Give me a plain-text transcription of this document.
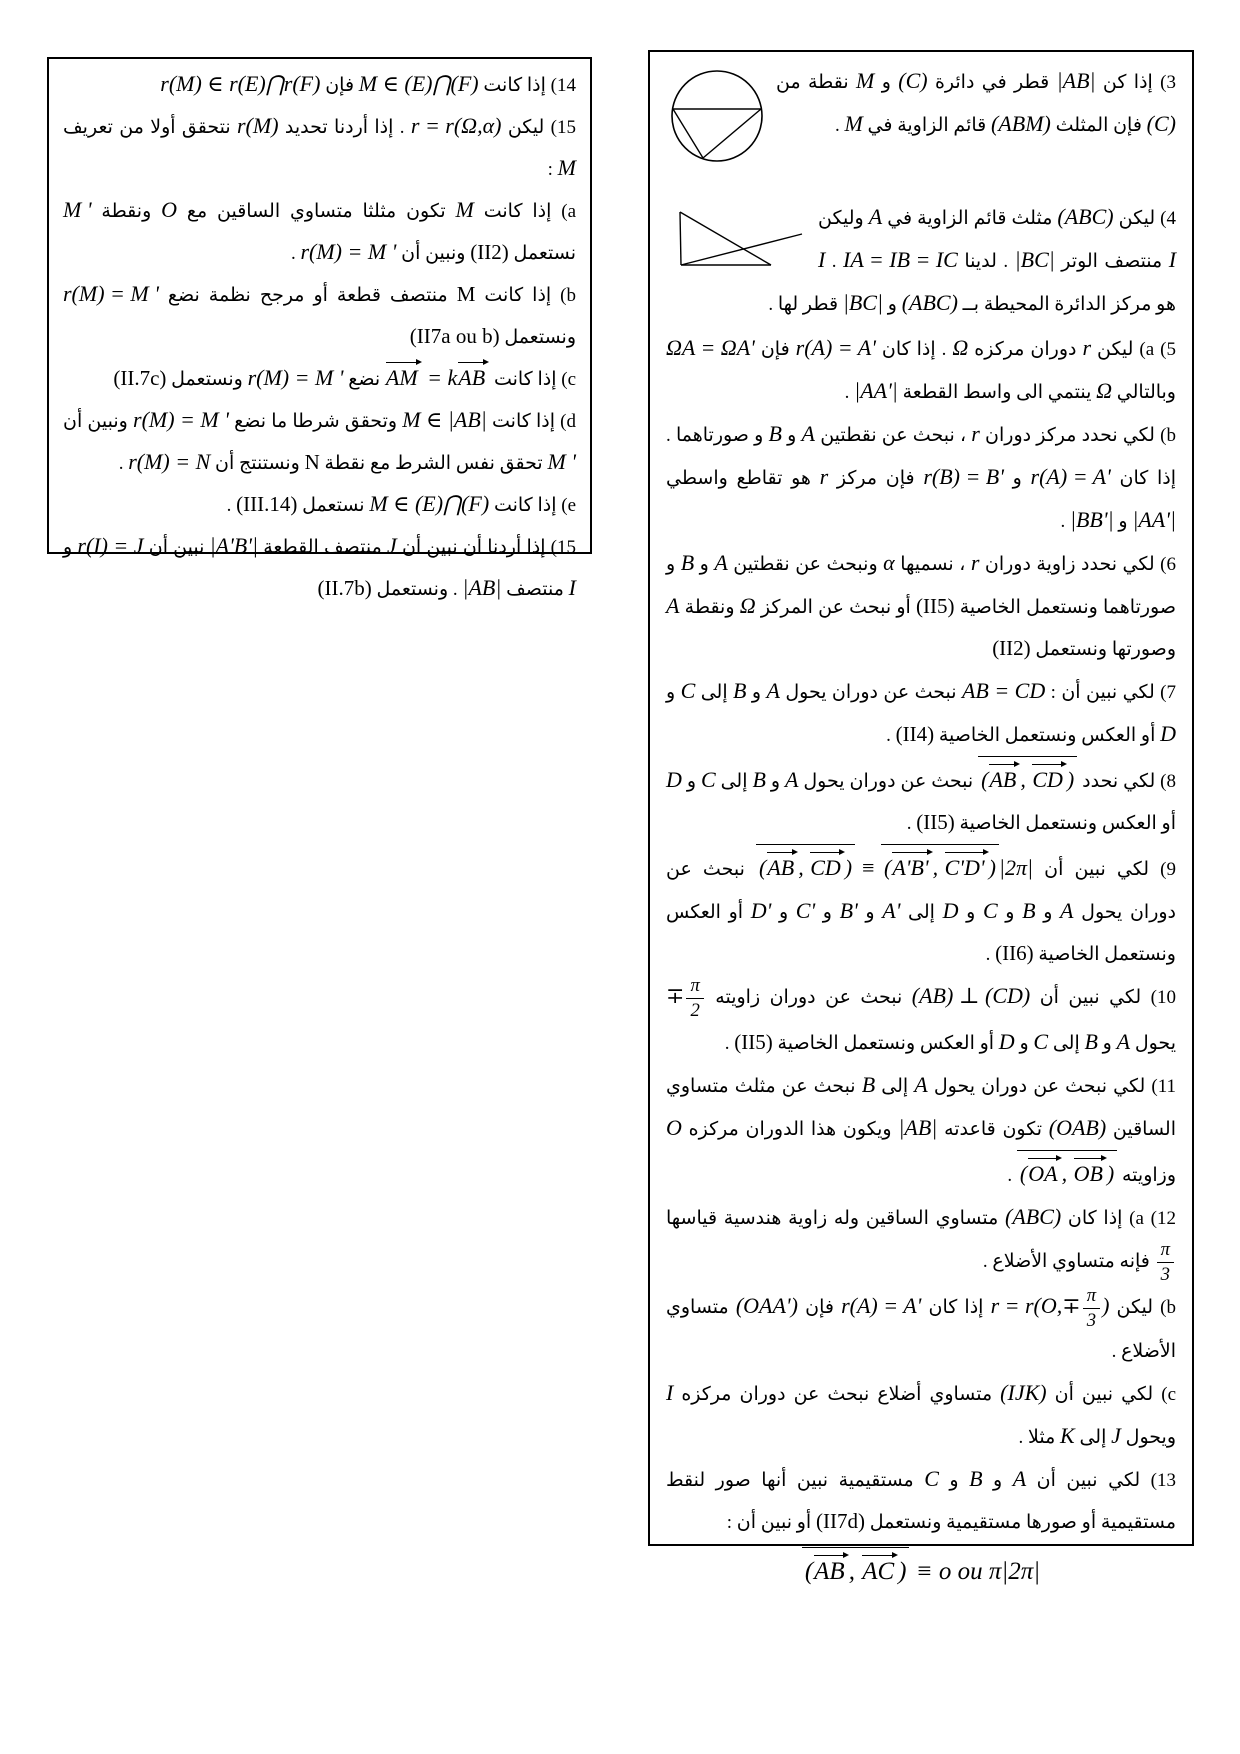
3) إذا كن |AB| قطر في دائرة (C) و M نقطة من (C) فإن المثلث (ABM) قائم الزاوية في M .
4) ليكن (ABC) مثلث قائم الزاوية في A وليكن I منتصف الوتر |BC| . لدينا IA = IB = IC . I هو مركز الدائرة المحيطة بــ (ABC) و |BC| قطر لها .
5) a) ليكن r دوران مركزه Ω . إذا كان r(A) = A' فإن ΩA = ΩA' وبالتالي Ω ينتمي الى واسط القطعة |AA'| .
b) لكي نحدد مركز دوران r ، نبحث عن نقطتين A و B و صورتاهما . إذا كان r(A) = A' و r(B) = B' فإن مركز r هو تقاطع واسطي |AA'| و |BB'| .
6) لكي نحدد زاوية دوران r ، نسميها α ونبحث عن نقطتين A و B و صورتاهما ونستعمل الخاصية (II5) أو نبحث عن المركز Ω ونقطة A وصورتها ونستعمل (II2)
7) لكي نبين أن : AB = CD نبحث عن دوران يحول A و B إلى C و D أو العكس ونستعمل الخاصية (II4) .
8) لكي نحدد (AB , CD ) نبحث عن دوران يحول A و B إلى C و D أو العكس ونستعمل الخاصية (II5) .
9) لكي نبين أن (AB , CD ) ≡ (A'B' , C'D' ) |2π| نبحث عن دوران يحول A و B و C و D إلى A' و B' و C' و D' أو العكس ونستعمل الخاصية (II6) .
10) لكي نبين أن (AB) ⊥ (CD) نبحث عن دوران زاويته ∓ $\frac{\pi}{2}$
يحول A و B إلى C و D أو العكس ونستعمل الخاصية (II5) .
11) لكي نبحث عن دوران يحول A إلى B نبحث عن مثلث متساوي الساقين (OAB) تكون قاعدته |AB| ويكون هذا الدوران مركزه O وزاويته (OA , OB ) .
12) a) إذا كان (ABC) متساوي الساقين وله زاوية هندسية قياسها
$\frac{\pi}{3}$
فإنه متساوي الأضلاع .
b) ليكن $r = r(O,\mp \frac{\pi}{3}$ ) إذا كان r(A) = A' فإن (OAA') متساوي الأضلاع .
c) لكي نبين أن (IJK) متساوي أضلاع نبحث عن دوران مركزه I ويحول J إلى K مثلا .
13) لكي نبين أن A و B و C مستقيمية نبين أنها صور لنقط مستقيمية أو صورها مستقيمية ونستعمل (II7d) أو نبين أن :
(AB , AC ) ≡ o ou π|2π|
14) إذا كانت M ∈ (E)⋂(F) فإن r(M) ∈ r(E)⋂r(F)
15) ليكن r = r(Ω,α) . إذا أردنا تحديد r(M) نتحقق أولا من تعريف M :
a) إذا كانت M تكون مثلثا متساوي الساقين مع O ونقطة M ' نستعمل (II2) ونبين أن r(M) = M ' .
b) إذا كانت M منتصف قطعة أو مرجح نظمة نضع r(M) = M ' ونستعمل (II7a ou b)
c) إذا كانت AM = kAB نضع r(M) = M ' ونستعمل (II.7c)
d) إذا كانت M ∈ |AB| وتحقق شرطا ما نضع r(M) = M ' ونبين أن M ' تحقق نفس الشرط مع نقطة N ونستنتج أن r(M) = N .
e) إذا كانت M ∈ (E)⋂(F) نستعمل (III.14) .
15) إذا أردنا أن نبين أن J منتصف القطعة |A'B'| نبين أن r(I) = J و I منتصف |AB| . ونستعمل (II.7b)
